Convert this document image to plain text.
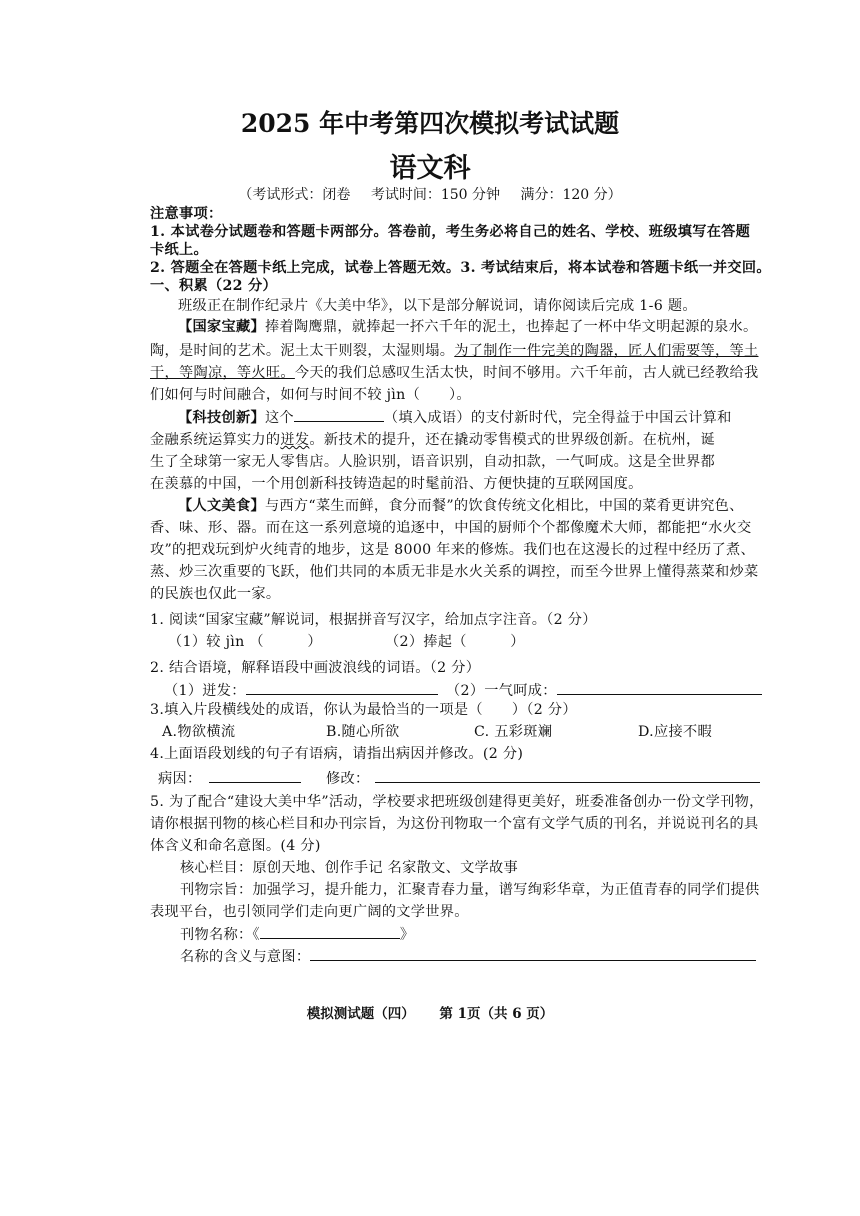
2025 年中考第四次模拟考试试题
语文科
（考试形式：闭卷 考试时间：150 分钟 满分：120 分）
注意事项：
1. 本试卷分试题卷和答题卡两部分。答卷前，考生务必将自己的姓名、学校、班级填写在答题
卡纸上。
2. 答题全在答题卡纸上完成，试卷上答题无效。3. 考试结束后，将本试卷和答题卡纸一并交回。
一、积累（22 分）
班级正在制作纪录片《大美中华》，以下是部分解说词，请你阅读后完成 1-6 题。
【国家宝藏】捧着陶鹰鼎，就捧起一抔六千年的泥土，也捧起了一杯中华文明起源的泉水。
陶，是时间的艺术。泥土太干则裂，太湿则塌。为了制作一件完美的陶器，匠人们需要等，等土
干，等陶凉，等火旺。今天的我们总感叹生活太快，时间不够用。六千年前，古人就已经教给我
们如何与时间融合，如何与时间不较 jìn（　　）。
【科技创新】这个	（填入成语）的支付新时代，完全得益于中国云计算和
金融系统运算实力的迸发。新技术的提升，还在撬动零售模式的世界级创新。在杭州，诞
生了全球第一家无人零售店。人脸识别，语音识别，自动扣款，一气呵成。这是全世界都
在羡慕的中国，一个用创新科技铸造起的时髦前沿、方便快捷的互联网国度。
【人文美食】与西方“菜生而鲜，食分而餐”的饮食传统文化相比，中国的菜肴更讲究色、
香、味、形、器。而在这一系列意境的追逐中，中国的厨师个个都像魔术大师，都能把“水火交
攻”的把戏玩到炉火纯青的地步，这是 8000 年来的修炼。我们也在这漫长的过程中经历了煮、
蒸、炒三次重要的飞跃，他们共同的本质无非是水火关系的调控，而至今世界上懂得蒸菜和炒菜
的民族也仅此一家。
1. 阅读“国家宝藏”解说词，根据拼音写汉字，给加点字注音。（2 分）
（1）较 jìn （　　　）	（2）捧起（　　　）
2. 结合语境，解释语段中画波浪线的词语。（2 分）
（1）迸发：	（2）一气呵成：
3.填入片段横线处的成语，你认为最恰当的一项是（　　）（2 分）
A.物欲横流	B.随心所欲	C. 五彩斑斓	D.应接不暇
4.上面语段划线的句子有语病，请指出病因并修改。(2 分)
病因：	修改：
5. 为了配合“建设大美中华”活动，学校要求把班级创建得更美好，班委准备创办一份文学刊物，
请你根据刊物的核心栏目和办刊宗旨，为这份刊物取一个富有文学气质的刊名，并说说刊名的具
体含义和命名意图。(4 分)
核心栏目：原创天地、创作手记 名家散文、文学故事
刊物宗旨：加强学习，提升能力，汇聚青春力量，谱写绚彩华章，为正值青春的同学们提供
表现平台，也引领同学们走向更广阔的文学世界。
刊物名称：《	》
名称的含义与意图：
模拟测试题（四） 第 1页（共 6 页）
